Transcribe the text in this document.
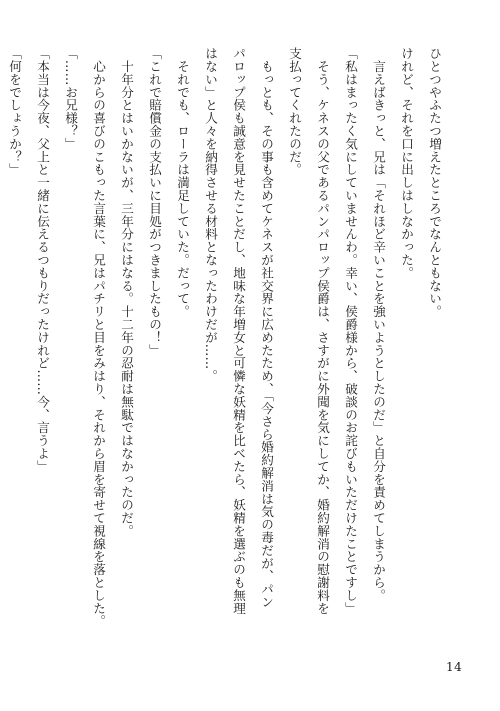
ひとつやふたつ増えたところでなんともない。
けれど、それを口に出しはしなかった。
　言えばきっと、兄は「それほど辛いことを強いようとしたのだ」と自分を責めてしまうから。
「私はまったく気にしていませんわ。幸い、侯爵様から、破談のお詫びもいただけたことですし」
　そう、ケネスの父であるパンパロップ侯爵は、さすがに外聞を気にしてか、婚約解消の慰謝料を
支払ってくれたのだ。
　もっとも、その事も含めてケネスが社交界に広めたため、「今さら婚約解消は気の毒だが、パン
パロップ侯も誠意を見せたことだし、地味な年増女と可憐な妖精を比べたら、妖精を選ぶのも無理
はない」と人々を納得させる材料となったわけだが……。
　それでも、ローラは満足していた。だって。
「これで賠償金の支払いに目処がつきましたもの！」
　十年分とはいかないが、三年分にはなる。十二年の忍耐は無駄ではなかったのだ。
　心からの喜びのこもった言葉に、兄はパチリと目をみはり、それから眉を寄せて視線を落とした。
「……お兄様？」
「本当は今夜、父上と一緒に伝えるつもりだったけれど……今、言うよ」
「何をでしょうか？」
14
